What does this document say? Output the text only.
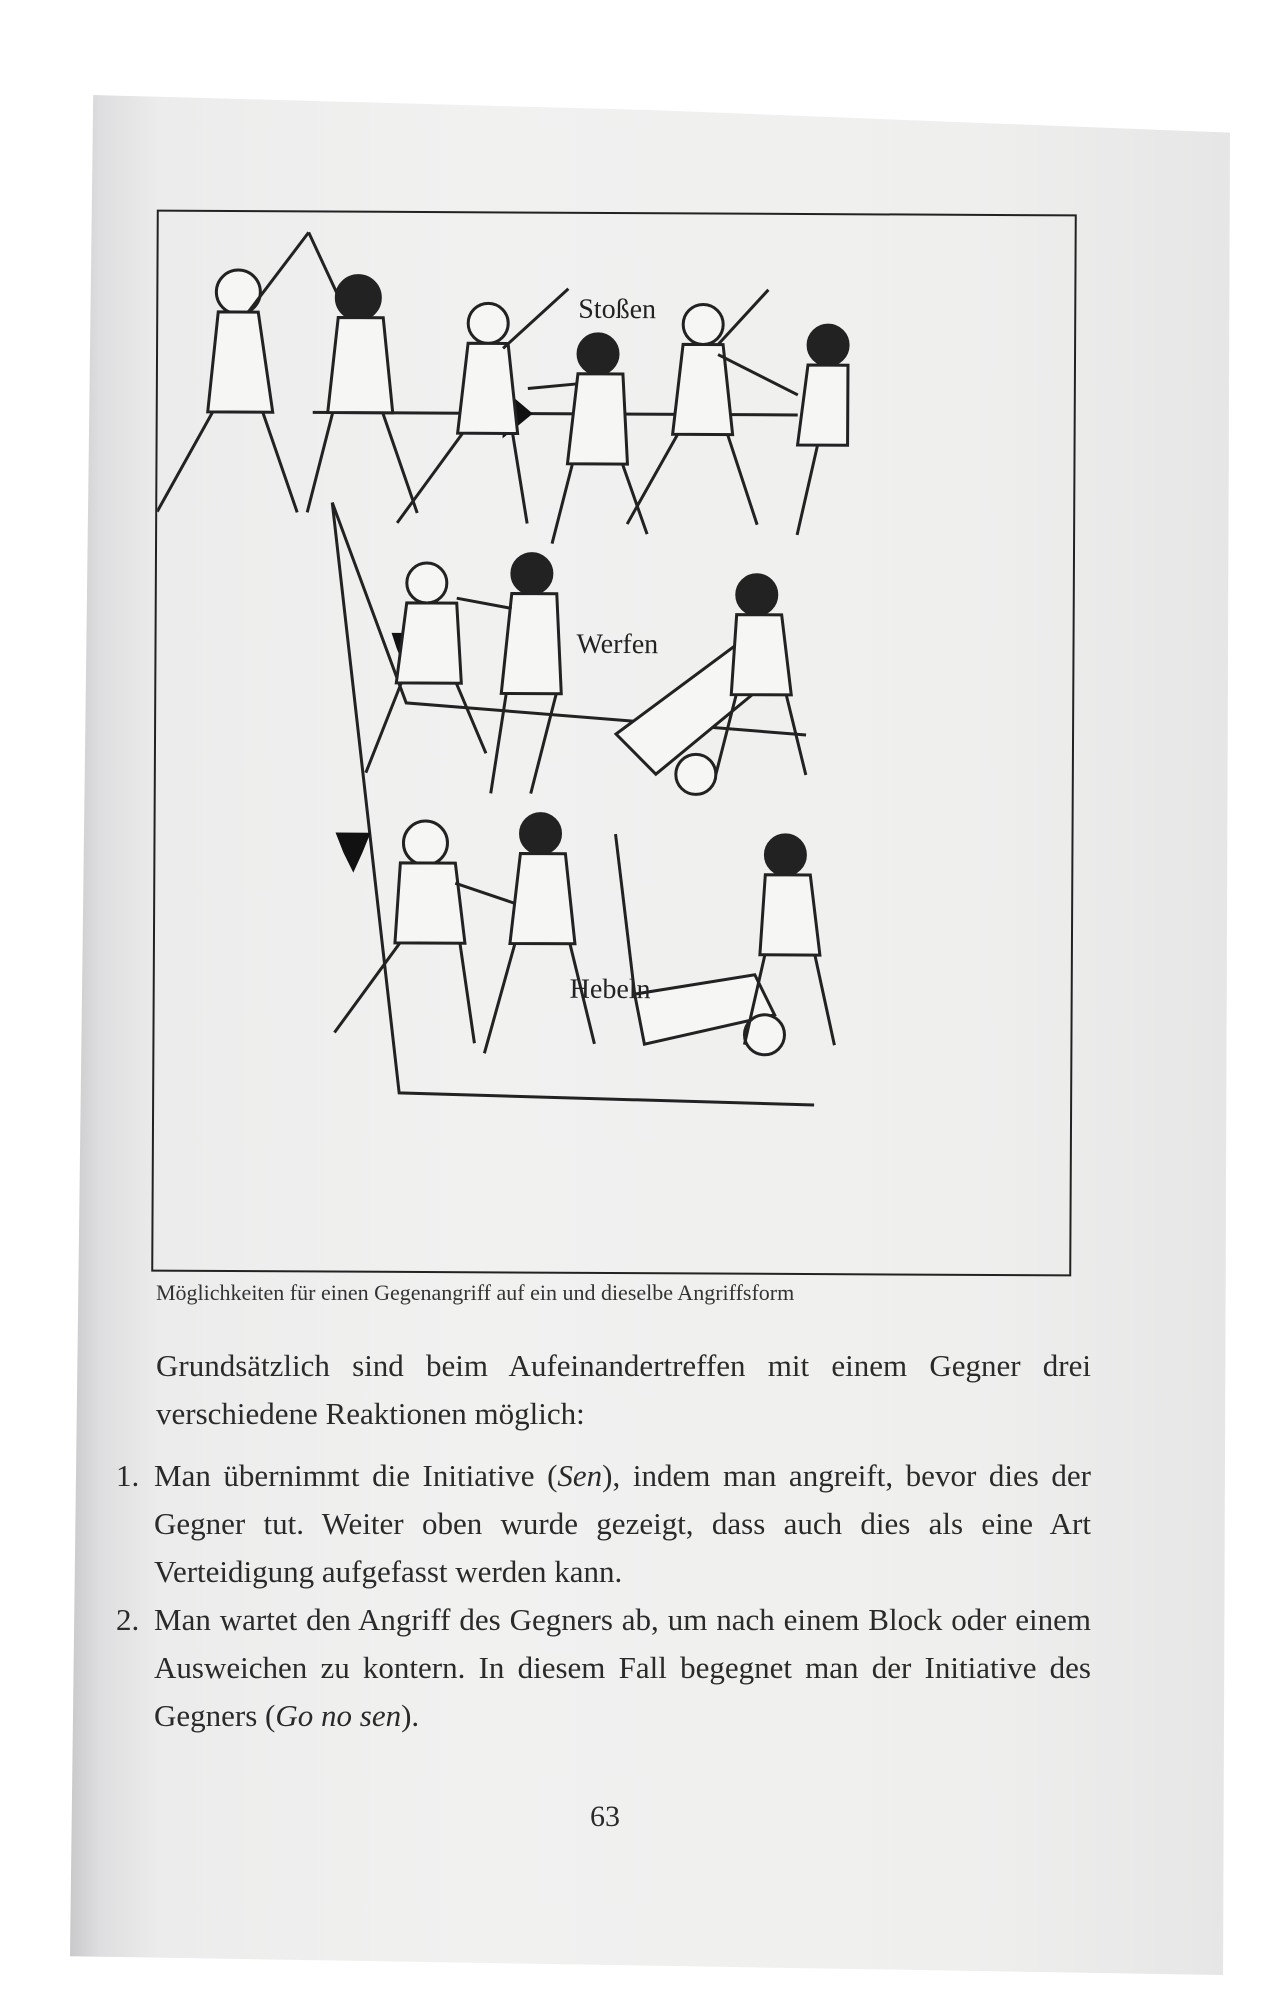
Stoßen
Werfen
Hebeln
Möglichkeiten für einen Gegenangriff auf ein und dieselbe Angriffsform
Grundsätzlich sind beim Aufeinandertreffen mit einem Gegner drei verschiedene Reaktionen möglich:
1. Man übernimmt die Initiative (Sen), indem man angreift, bevor dies der Gegner tut. Weiter oben wurde gezeigt, dass auch dies als eine Art Verteidigung aufgefasst werden kann.
2. Man wartet den Angriff des Gegners ab, um nach einem Block oder einem Ausweichen zu kontern. In diesem Fall begegnet man der Initiative des Gegners (Go no sen).
63
